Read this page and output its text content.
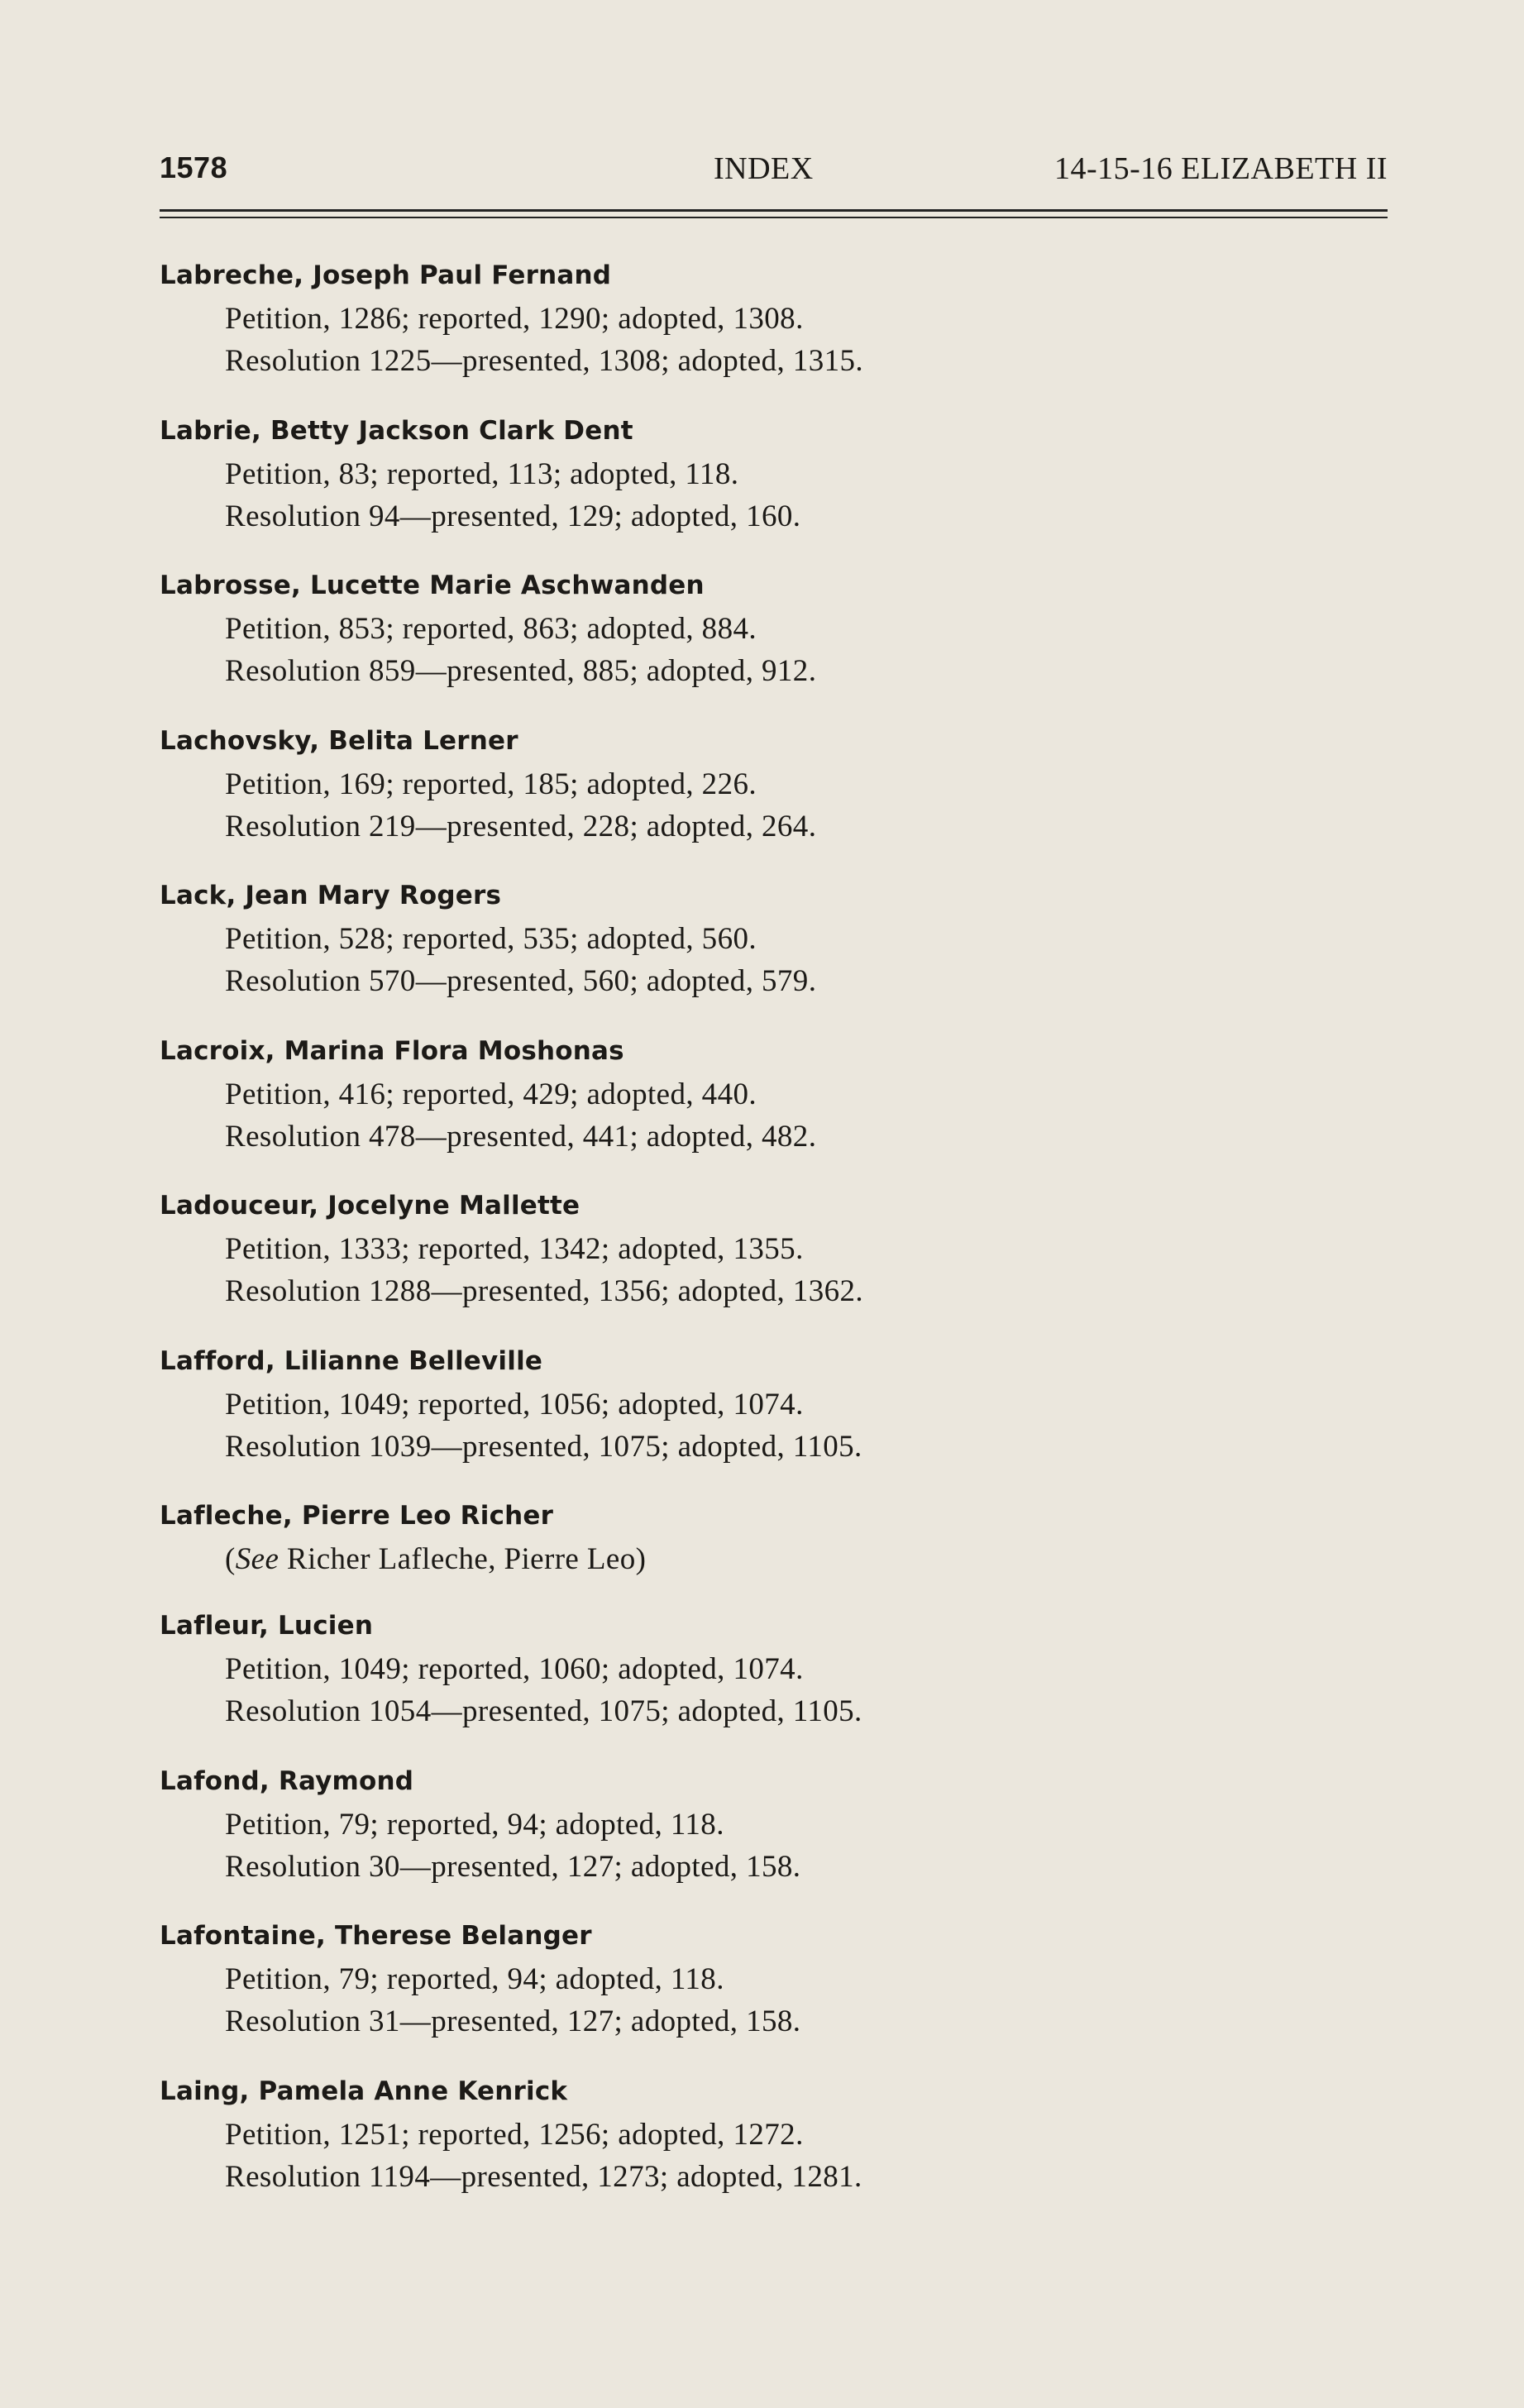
1578	INDEX	14-15-16 ELIZABETH II
Labreche, Joseph Paul Fernand
Petition, 1286; reported, 1290; adopted, 1308.
Resolution 1225—presented, 1308; adopted, 1315.
Labrie, Betty Jackson Clark Dent
Petition, 83; reported, 113; adopted, 118.
Resolution 94—presented, 129; adopted, 160.
Labrosse, Lucette Marie Aschwanden
Petition, 853; reported, 863; adopted, 884.
Resolution 859—presented, 885; adopted, 912.
Lachovsky, Belita Lerner
Petition, 169; reported, 185; adopted, 226.
Resolution 219—presented, 228; adopted, 264.
Lack, Jean Mary Rogers
Petition, 528; reported, 535; adopted, 560.
Resolution 570—presented, 560; adopted, 579.
Lacroix, Marina Flora Moshonas
Petition, 416; reported, 429; adopted, 440.
Resolution 478—presented, 441; adopted, 482.
Ladouceur, Jocelyne Mallette
Petition, 1333; reported, 1342; adopted, 1355.
Resolution 1288—presented, 1356; adopted, 1362.
Lafford, Lilianne Belleville
Petition, 1049; reported, 1056; adopted, 1074.
Resolution 1039—presented, 1075; adopted, 1105.
Lafleche, Pierre Leo Richer
(See Richer Lafleche, Pierre Leo)
Lafleur, Lucien
Petition, 1049; reported, 1060; adopted, 1074.
Resolution 1054—presented, 1075; adopted, 1105.
Lafond, Raymond
Petition, 79; reported, 94; adopted, 118.
Resolution 30—presented, 127; adopted, 158.
Lafontaine, Therese Belanger
Petition, 79; reported, 94; adopted, 118.
Resolution 31—presented, 127; adopted, 158.
Laing, Pamela Anne Kenrick
Petition, 1251; reported, 1256; adopted, 1272.
Resolution 1194—presented, 1273; adopted, 1281.
